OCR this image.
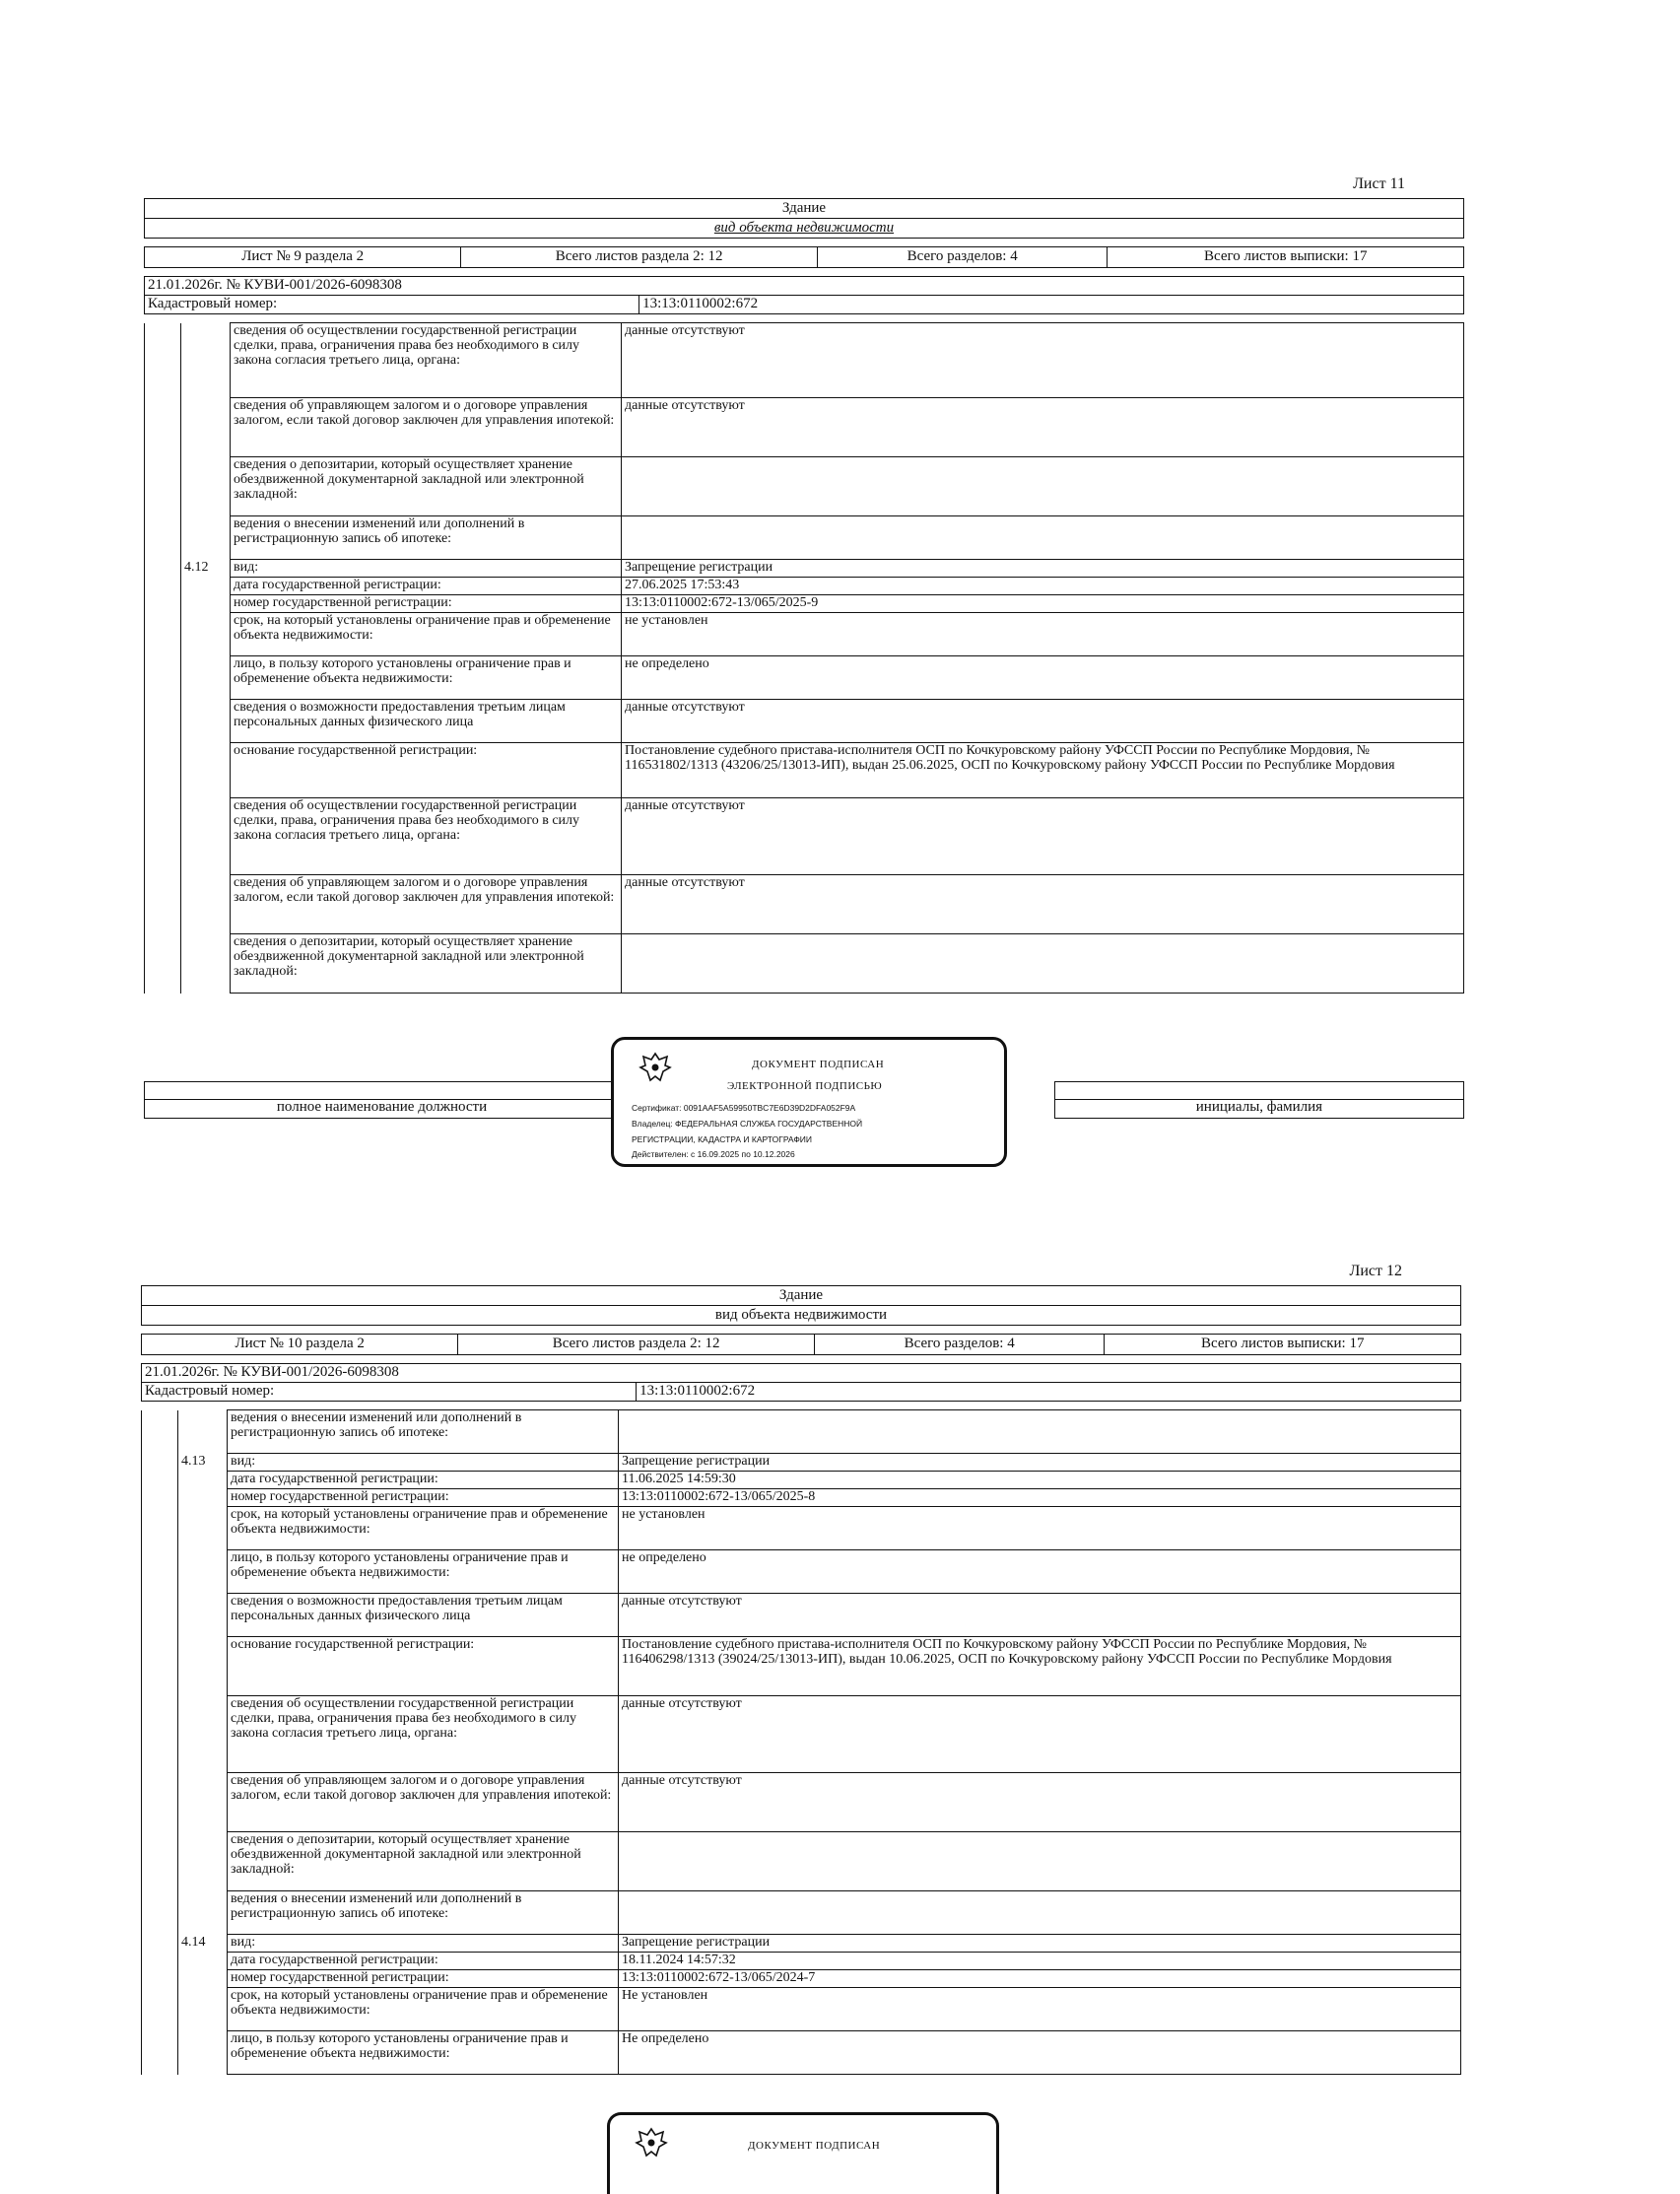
Лист 11
Здание
вид объекта недвижимости
Лист № 9 раздела 2	Всего листов раздела 2: 12	Всего разделов: 4	Всего листов выписки: 17
21.01.2026г. № КУВИ-001/2026-6098308
Кадастровый номер:	13:13:0110002:672
		сведения об осуществлении государственной регистрации сделки, права, ограничения права без необходимого в силу закона согласия третьего лица, органа:	данные отсутствуют
		сведения об управляющем залогом и о договоре управления залогом, если такой договор заключен для управления ипотекой:	данные отсутствуют
		сведения о депозитарии, который осуществляет хранение обездвиженной документарной закладной или электронной закладной:	
		ведения о внесении изменений или дополнений в регистрационную запись об ипотеке:	
	4.12	вид:	Запрещение регистрации
		дата государственной регистрации:	27.06.2025 17:53:43
		номер государственной регистрации:	13:13:0110002:672-13/065/2025-9
		срок, на который установлены ограничение прав и обременение объекта недвижимости:	не установлен
		лицо, в пользу которого установлены ограничение прав и обременение объекта недвижимости:	не определено
		сведения о возможности предоставления третьим лицам персональных данных физического лица	данные отсутствуют
		основание государственной регистрации:	Постановление судебного пристава-исполнителя ОСП по Кочкуровскому району УФССП России по Республике Мордовия, № 116531802/1313 (43206/25/13013-ИП), выдан 25.06.2025, ОСП по Кочкуровскому району УФССП России по Республике Мордовия
		сведения об осуществлении государственной регистрации сделки, права, ограничения права без необходимого в силу закона согласия третьего лица, органа:	данные отсутствуют
		сведения об управляющем залогом и о договоре управления залогом, если такой договор заключен для управления ипотекой:	данные отсутствуют
		сведения о депозитарии, который осуществляет хранение обездвиженной документарной закладной или электронной закладной:	

полное наименование должности		инициалы, фамилия
ДОКУМЕНТ ПОДПИСАН
ЭЛЕКТРОННОЙ ПОДПИСЬЮ
Сертификат: 0091AAF5A59950TBC7E6D39D2DFA052F9A
Владелец: ФЕДЕРАЛЬНАЯ СЛУЖБА ГОСУДАРСТВЕННОЙ
РЕГИСТРАЦИИ, КАДАСТРА И КАРТОГРАФИИ
Действителен: с 16.09.2025 по 10.12.2026
Лист 12
Здание
вид объекта недвижимости
Лист № 10 раздела 2	Всего листов раздела 2: 12	Всего разделов: 4	Всего листов выписки: 17
21.01.2026г. № КУВИ-001/2026-6098308
Кадастровый номер:	13:13:0110002:672
		ведения о внесении изменений или дополнений в регистрационную запись об ипотеке:	
	4.13	вид:	Запрещение регистрации
		дата государственной регистрации:	11.06.2025 14:59:30
		номер государственной регистрации:	13:13:0110002:672-13/065/2025-8
		срок, на который установлены ограничение прав и обременение объекта недвижимости:	не установлен
		лицо, в пользу которого установлены ограничение прав и обременение объекта недвижимости:	не определено
		сведения о возможности предоставления третьим лицам персональных данных физического лица	данные отсутствуют
		основание государственной регистрации:	Постановление судебного пристава-исполнителя ОСП по Кочкуровскому району УФССП России по Республике Мордовия, № 116406298/1313 (39024/25/13013-ИП), выдан 10.06.2025, ОСП по Кочкуровскому району УФССП России по Республике Мордовия
		сведения об осуществлении государственной регистрации сделки, права, ограничения права без необходимого в силу закона согласия третьего лица, органа:	данные отсутствуют
		сведения об управляющем залогом и о договоре управления залогом, если такой договор заключен для управления ипотекой:	данные отсутствуют
		сведения о депозитарии, который осуществляет хранение обездвиженной документарной закладной или электронной закладной:	
		ведения о внесении изменений или дополнений в регистрационную запись об ипотеке:	
	4.14	вид:	Запрещение регистрации
		дата государственной регистрации:	18.11.2024 14:57:32
		номер государственной регистрации:	13:13:0110002:672-13/065/2024-7
		срок, на который установлены ограничение прав и обременение объекта недвижимости:	Не установлен
		лицо, в пользу которого установлены ограничение прав и обременение объекта недвижимости:	Не определено
ДОКУМЕНТ ПОДПИСАН
